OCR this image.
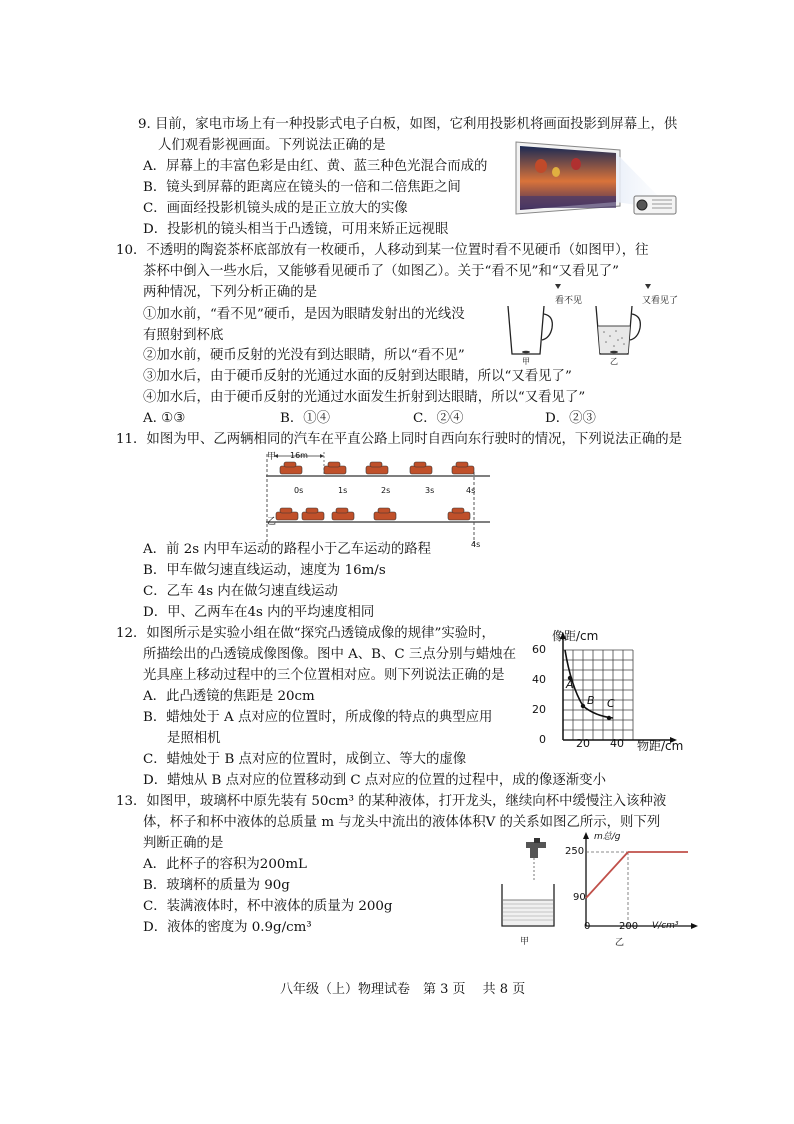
9. 目前，家电市场上有一种投影式电子白板，如图，它利用投影机将画面投影到屏幕上，供
人们观看影视画面。下列说法正确的是
A．屏幕上的丰富色彩是由红、黄、蓝三种色光混合而成的
B．镜头到屏幕的距离应在镜头的一倍和二倍焦距之间
C．画面经投影机镜头成的是正立放大的实像
D．投影机的镜头相当于凸透镜，可用来矫正远视眼
10．不透明的陶瓷茶杯底部放有一枚硬币，人移动到某一位置时看不见硬币（如图甲），往
茶杯中倒入一些水后，又能够看见硬币了（如图乙）。关于“看不见”和“又看见了”
两种情况，下列分析正确的是
①加水前，“看不见”硬币，是因为眼睛发射出的光线没
有照射到杯底
②加水前，硬币反射的光没有到达眼睛，所以“看不见”
③加水后，由于硬币反射的光通过水面的反射到达眼睛，所以“又看见了”
④加水后，由于硬币反射的光通过水面发生折射到达眼睛，所以“又看见了”
A. ①③	B．①④	C．②④	D．②③
看不见	又看见了
甲	乙
11．如图为甲、乙两辆相同的汽车在平直公路上同时自西向东行驶时的情况，下列说法正确的是
甲 16m
0s	1s	2s	3s	4s
乙
4s
A．前 2s 内甲车运动的路程小于乙车运动的路程
B．甲车做匀速直线运动，速度为 16m/s
C．乙车 4s 内在做匀速直线运动
D．甲、乙两车在4s 内的平均速度相同
12．如图所示是实验小组在做“探究凸透镜成像的规律”实验时，
所描绘出的凸透镜成像图像。图中 A、B、C 三点分别与蜡烛在
光具座上移动过程中的三个位置相对应。则下列说法正确的是
A．此凸透镜的焦距是 20cm
B．蜡烛处于 A 点对应的位置时，所成像的特点的典型应用
是照相机
C．蜡烛处于 B 点对应的位置时，成倒立、等大的虚像
D．蜡烛从 B 点对应的位置移动到 C 点对应的位置的过程中，成的像逐渐变小
像距/cm
物距/cm
60
40
20
0	20 40
A
B C
13．如图甲，玻璃杯中原先装有 50cm³ 的某种液体，打开龙头，继续向杯中缓慢注入该种液
体，杯子和杯中液体的总质量 m 与龙头中流出的液体体积V 的关系如图乙所示，则下列
判断正确的是
A．此杯子的容积为200mL
B．玻璃杯的质量为 90g
C．装满液体时，杯中液体的质量为 200g
D．液体的密度为 0.9g/cm³
甲
m总/g
250
90
0	200 V/cm³
乙
八年级（上）物理试卷　第 3 页　 共 8 页
